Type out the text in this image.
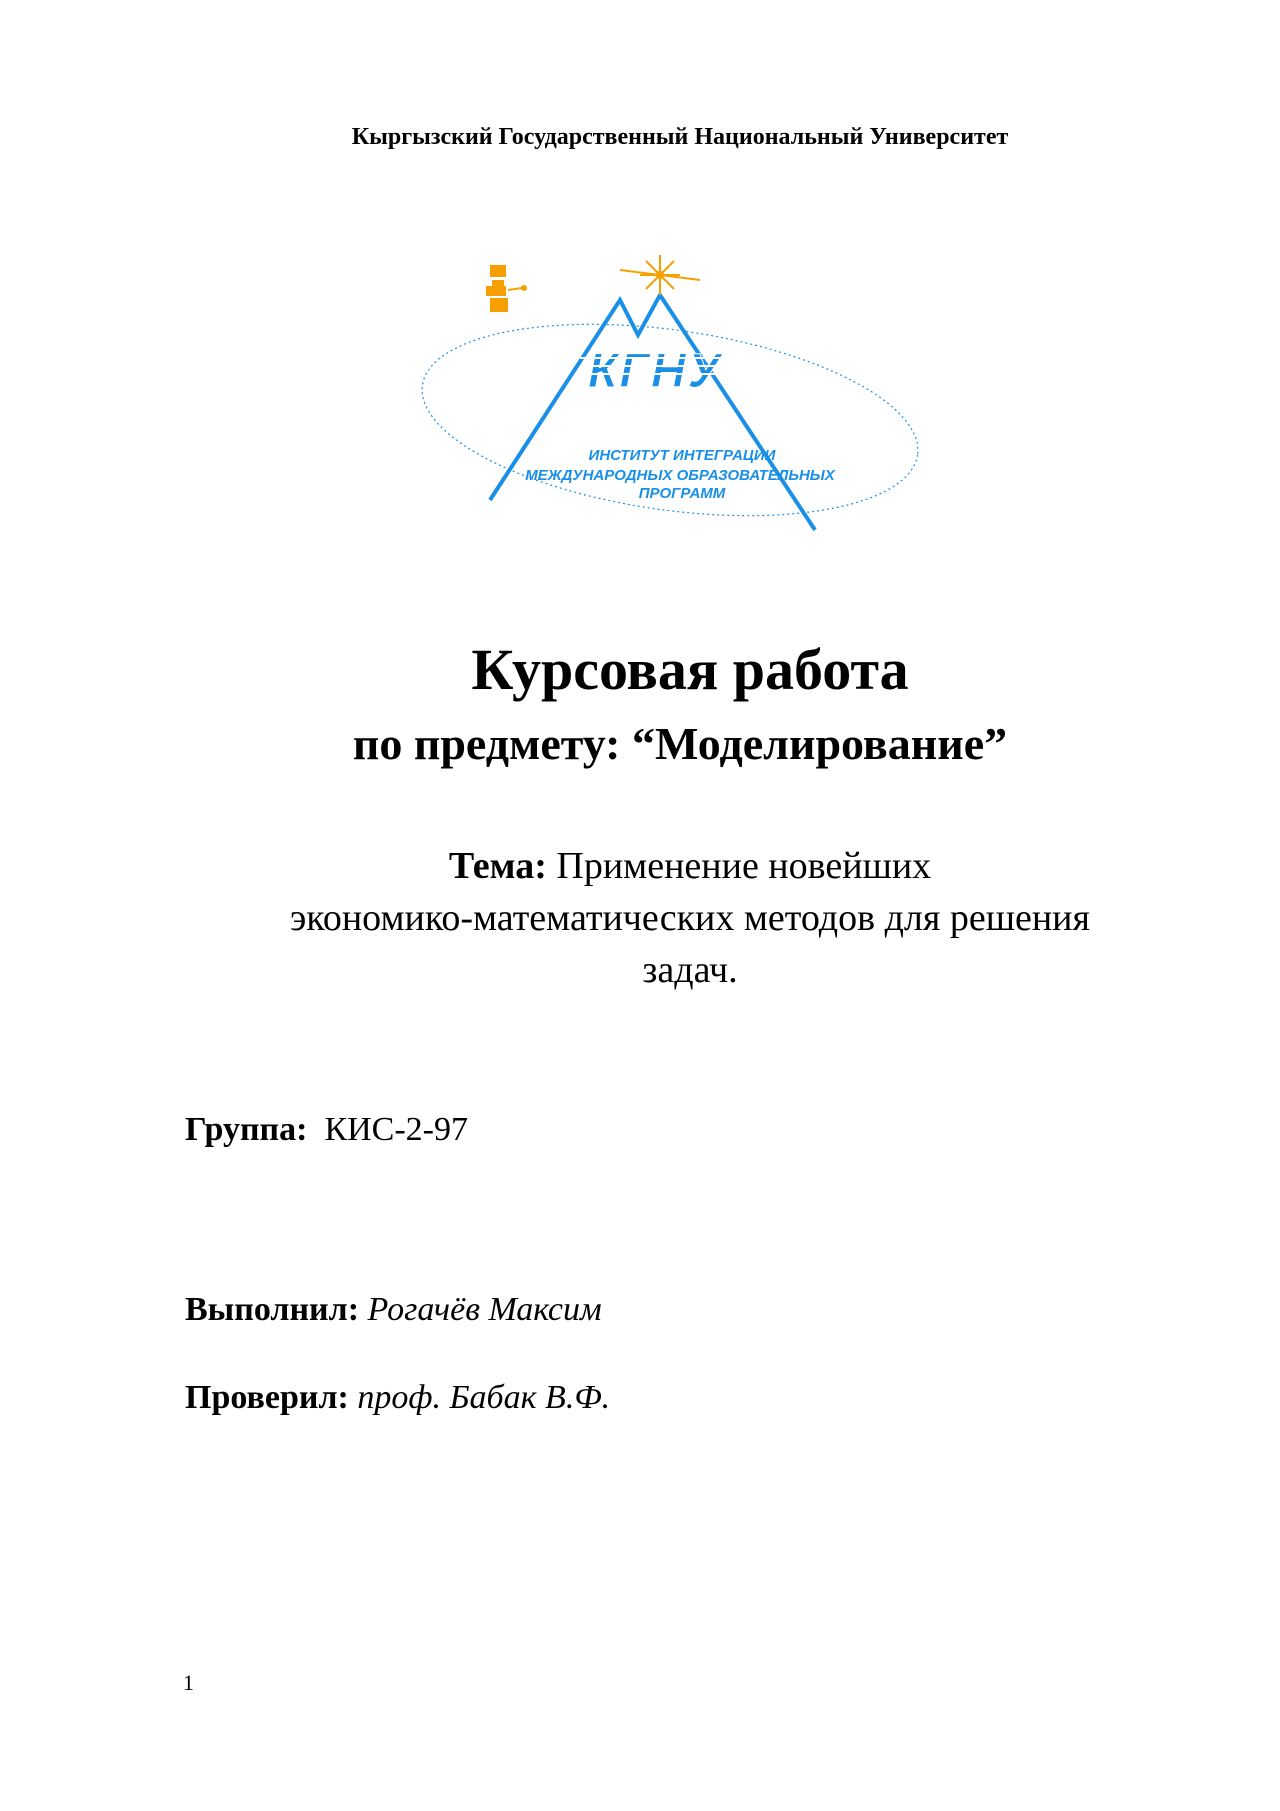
Кыргызский Государственный Национальный Университет
КГНУ
ИНСТИТУТ ИНТЕГРАЦИИ
МЕЖДУНАРОДНЫХ ОБРАЗОВАТЕЛЬНЫХ
ПРОГРАММ
Курсовая работа
по предмету: “Моделирование”
Тема: Применение новейших
экономико-математических методов для решения
задач.
Группа: КИС-2-97
Выполнил: Рогачёв Максим
Проверил: проф. Бабак В.Ф.
1
